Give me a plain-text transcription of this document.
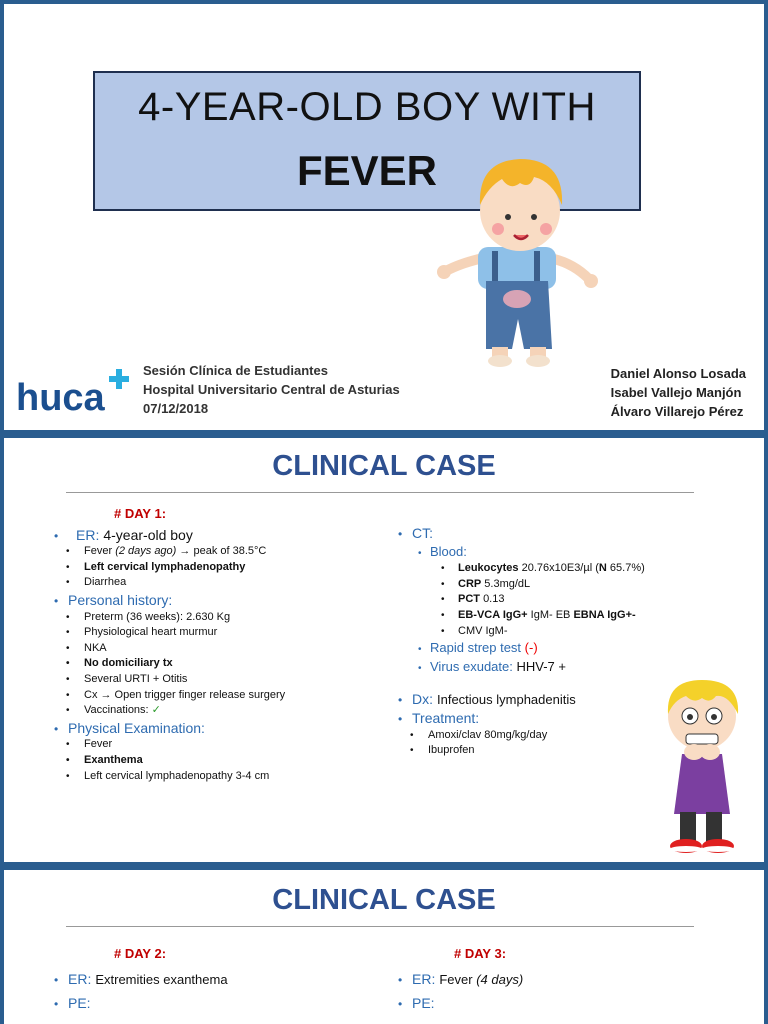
4-YEAR-OLD BOY WITH
FEVER
huca
Sesión Clínica de Estudiantes
Hospital Universitario Central de Asturias
07/12/2018
Daniel Alonso Losada
Isabel Vallejo Manjón
Álvaro Villarejo Pérez
CLINICAL CASE
# DAY 1:
•	ER: 4-year-old boy
• Fever (2 days ago) → peak of 38.5°C
• Left cervical lymphadenopathy
• Diarrhea
• Personal history:
• Preterm (36 weeks): 2.630 Kg
• Physiological heart murmur
• NKA
• No domiciliary tx
• Several URTI + Otitis
• Cx → Open trigger finger release surgery
• Vaccinations: ✓
• Physical Examination:
• Fever
• Exanthema
• Left cervical lymphadenopathy 3-4 cm
• CT:
• Blood:
• Leukocytes 20.76x10E3/µl (N 65.7%)
• CRP 5.3mg/dL
• PCT 0.13
• EB-VCA IgG+ IgM- EB EBNA IgG+-
• CMV IgM-
• Rapid strep test
(-)
• Virus exudate:
HHV-7 +
• Dx: Infectious lymphadenitis
• Treatment:
• Amoxi/clav 80mg/kg/day
• Ibuprofen
CLINICAL CASE
# DAY 2:
• ER: Extremities exanthema
• PE:
# DAY 3:
• ER: Fever (4 days)
• PE:
